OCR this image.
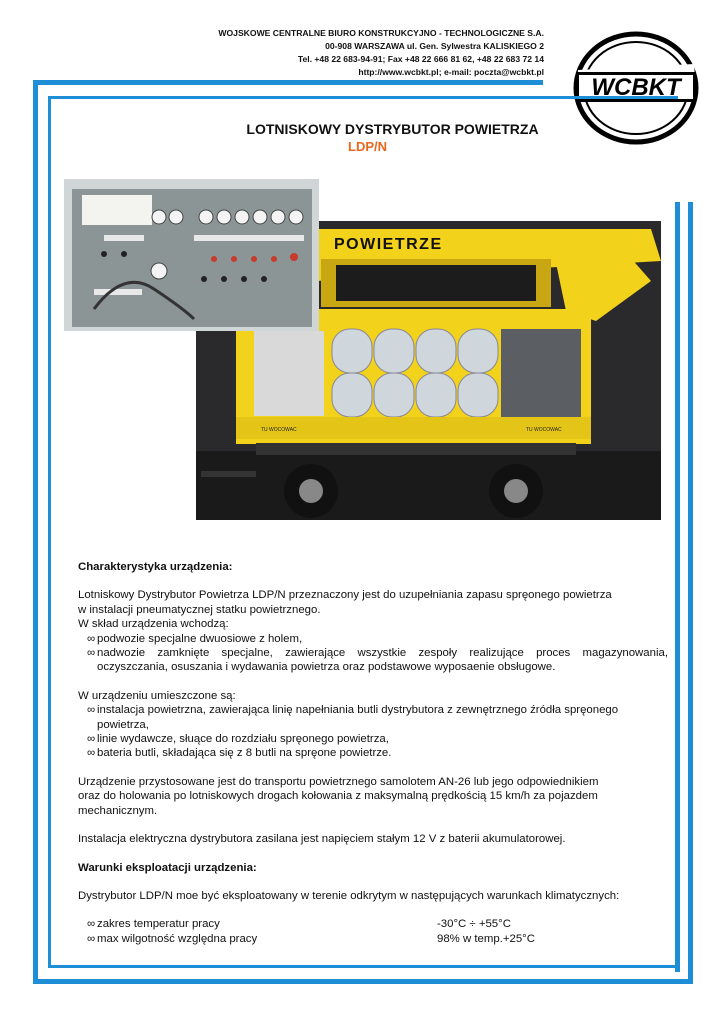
WOJSKOWE CENTRALNE BIURO KONSTRUKCYJNO - TECHNOLOGICZNE S.A.
00-908 WARSZAWA ul. Gen. Sylwestra KALISKIEGO 2
Tel. +48 22 683-94-91; Fax +48 22 666 81 62, +48 22 683 72 14
http://www.wcbkt.pl; e-mail: poczta@wcbkt.pl
WCBKT
LOTNISKOWY DYSTRYBUTOR POWIETRZA
LDP/N
POWIETRZE
TU WOCOWAC	TU WOCOWAC

Charakterystyka urządzenia:

Lotniskowy Dystrybutor Powietrza LDP/N przeznaczony jest do uzupełniania zapasu spręonego powietrza

w instalacji pneumatycznej statku powietrznego.

W skład urządzenia wchodzą:

∞ podwozie specjalne dwuosiowe z holem,
∞ nadwozie zamknięte specjalne, zawierające wszystkie zespoły realizujące proces magazynowania, oczyszczania, osuszania i wydawania powietrza oraz podstawowe wyposaenie obsługowe.

W urządzeniu umieszczone są:

∞ instalacja powietrzna, zawierająca linię napełniania butli dystrybutora z zewnętrznego źródła spręonego powietrza,
∞ linie wydawcze, słuące do rozdziału spręonego powietrza,
∞ bateria butli, składająca się z 8 butli na spręone powietrze.

Urządzenie przystosowane jest do transportu powietrznego samolotem AN-26 lub jego odpowiednikiem

oraz do holowania po lotniskowych drogach kołowania z maksymalną prędkością 15 km/h za pojazdem

mechanicznym.

Instalacja elektryczna dystrybutora zasilana jest napięciem stałym 12 V z baterii akumulatorowej.

Warunki eksploatacji urządzenia:

Dystrybutor LDP/N moe być eksploatowany w terenie odkrytym w następujących warunkach klimatycznych:

∞ zakres temperatur pracy	-30°C ÷ +55°C
∞ max wilgotność względna pracy	98% w temp.+25°C
